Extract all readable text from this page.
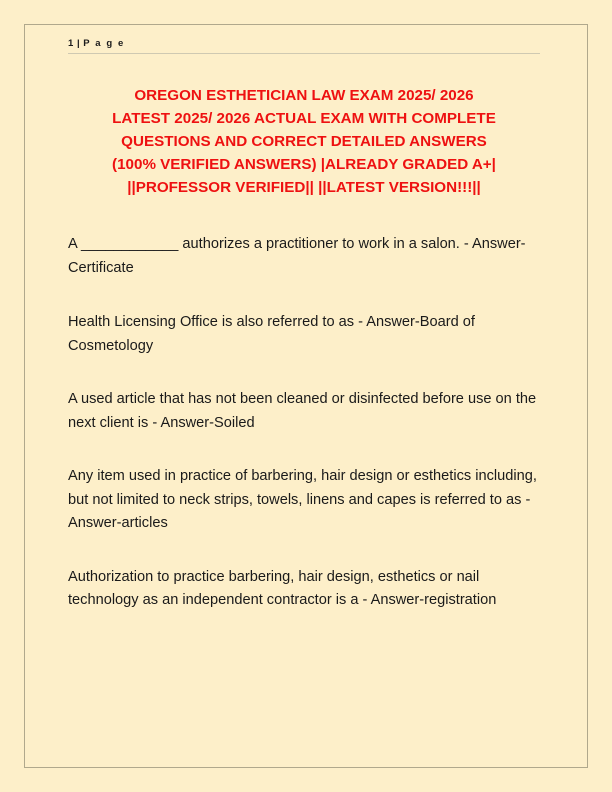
1 | P a g e
OREGON ESTHETICIAN LAW EXAM 2025/ 2026
LATEST 2025/ 2026 ACTUAL EXAM WITH COMPLETE
QUESTIONS AND CORRECT DETAILED ANSWERS
(100% VERIFIED ANSWERS) |ALREADY GRADED A+|
||PROFESSOR VERIFIED|| ||LATEST VERSION!!!||
A ____________ authorizes a practitioner to work in a salon. - Answer-Certificate
Health Licensing Office is also referred to as - Answer-Board of Cosmetology
A used article that has not been cleaned or disinfected before use on the next client is - Answer-Soiled
Any item used in practice of barbering, hair design or esthetics including, but not limited to neck strips, towels, linens and capes is referred to as - Answer-articles
Authorization to practice barbering, hair design, esthetics or nail technology as an independent contractor is a - Answer-registration
